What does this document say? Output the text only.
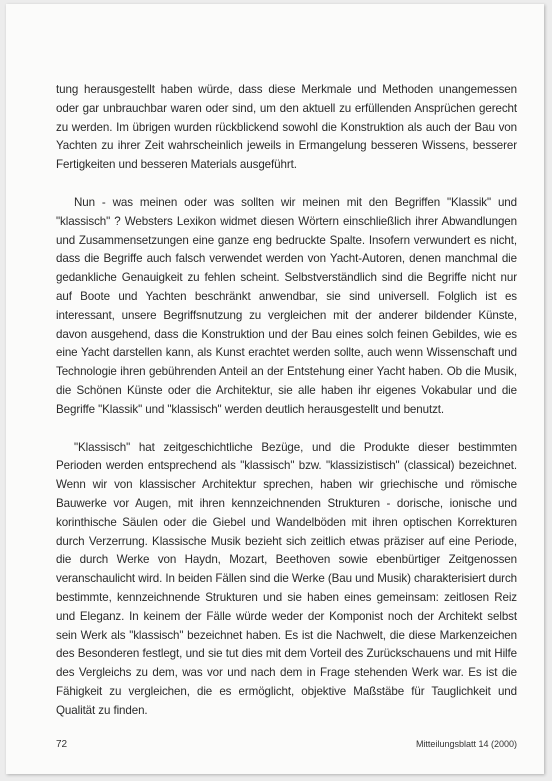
tung herausgestellt haben würde, dass diese Merkmale und Methoden unangemessen oder gar unbrauchbar waren oder sind, um den aktuell zu erfüllenden Ansprüchen gerecht zu werden. Im übrigen wurden rückblickend sowohl die Konstruktion als auch der Bau von Yachten zu ihrer Zeit wahrscheinlich jeweils in Ermangelung besseren Wissens, besserer Fertigkeiten und besseren Materials ausgeführt.

Nun - was meinen oder was sollten wir meinen mit den Begriffen "Klassik" und "klassisch" ? Websters Lexikon widmet diesen Wörtern einschließlich ihrer Abwandlungen und Zusammensetzungen eine ganze eng bedruckte Spalte. Insofern verwundert es nicht, dass die Begriffe auch falsch verwendet werden von Yacht-Autoren, denen manchmal die gedankliche Genauigkeit zu fehlen scheint. Selbstverständlich sind die Begriffe nicht nur auf Boote und Yachten beschränkt anwendbar, sie sind universell. Folglich ist es interessant, unsere Begriffsnutzung zu vergleichen mit der anderer bildender Künste, davon ausgehend, dass die Konstruktion und der Bau eines solch feinen Gebildes, wie es eine Yacht darstellen kann, als Kunst erachtet werden sollte, auch wenn Wissenschaft und Technologie ihren gebührenden Anteil an der Entstehung einer Yacht haben. Ob die Musik, die Schönen Künste oder die Architektur, sie alle haben ihr eigenes Vokabular und die Begriffe "Klassik" und "klassisch" werden deutlich herausgestellt und benutzt.

"Klassisch" hat zeitgeschichtliche Bezüge, und die Produkte dieser bestimmten Perioden werden entsprechend als "klassisch" bzw. "klassizistisch" (classical) bezeichnet. Wenn wir von klassischer Architektur sprechen, haben wir griechische und römische Bauwerke vor Augen, mit ihren kennzeichnenden Strukturen - dorische, ionische und korinthische Säulen oder die Giebel und Wandelböden mit ihren optischen Korrekturen durch Verzerrung. Klassische Musik bezieht sich zeitlich etwas präziser auf eine Periode, die durch Werke von Haydn, Mozart, Beethoven sowie ebenbürtiger Zeitgenossen veranschaulicht wird. In beiden Fällen sind die Werke (Bau und Musik) charakterisiert durch bestimmte, kennzeichnende Strukturen und sie haben eines gemeinsam: zeitlosen Reiz und Eleganz. In keinem der Fälle würde weder der Komponist noch der Architekt selbst sein Werk als "klassisch" bezeichnet haben. Es ist die Nachwelt, die diese Markenzeichen des Besonderen festlegt, und sie tut dies mit dem Vorteil des Zurückschauens und mit Hilfe des Vergleichs zu dem, was vor und nach dem in Frage stehenden Werk war. Es ist die Fähigkeit zu vergleichen, die es ermöglicht, objektive Maßstäbe für Tauglichkeit und Qualität zu finden.

72	Mitteilungsblatt 14 (2000)
